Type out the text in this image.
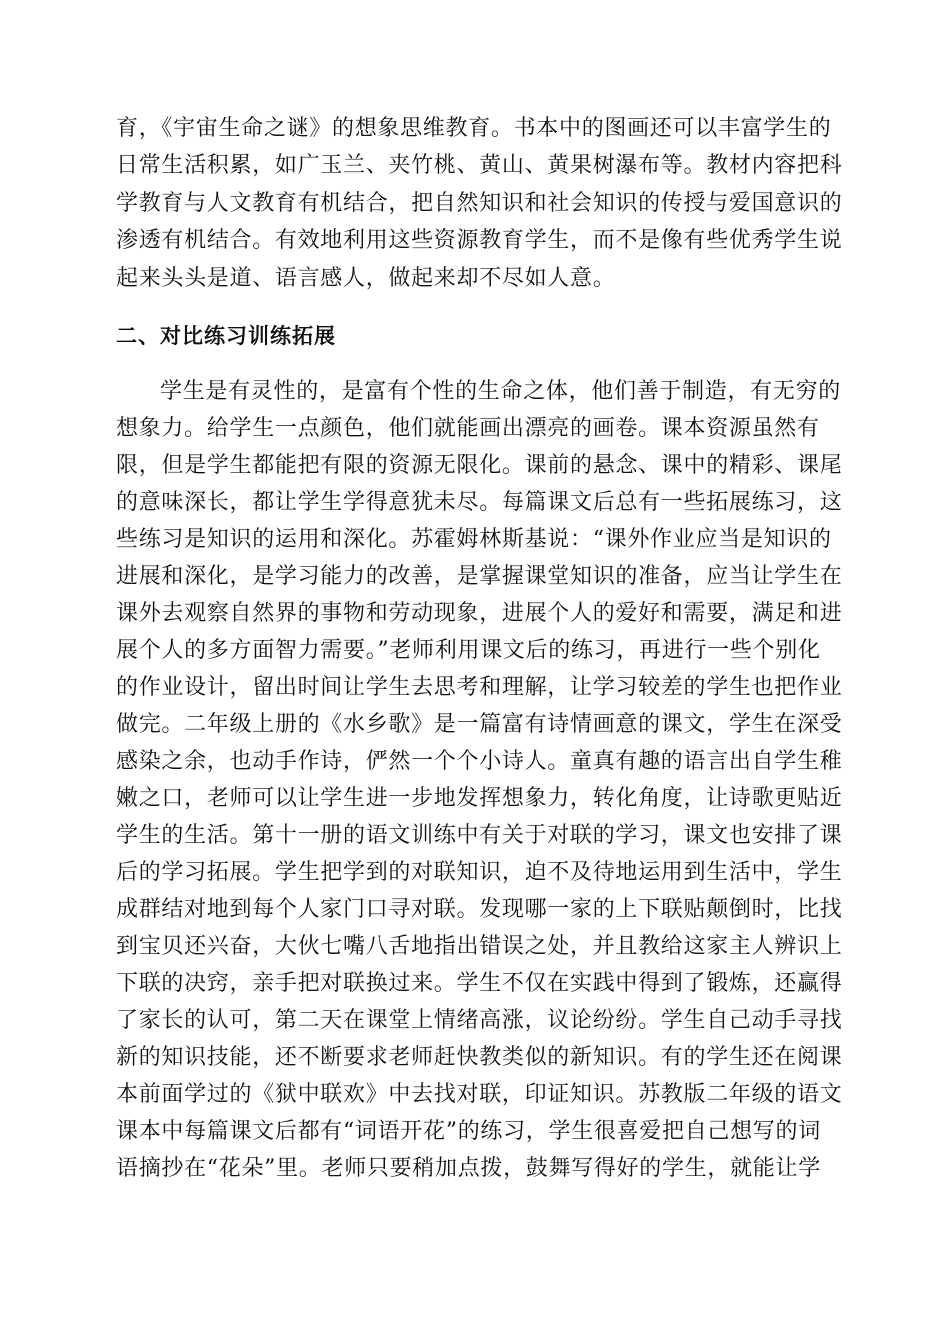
育，《宇宙生命之谜》的想象思维教育。书本中的图画还可以丰富学生的
日常生活积累，如广玉兰、夹竹桃、黄山、黄果树瀑布等。教材内容把科
学教育与人文教育有机结合，把自然知识和社会知识的传授与爱国意识的
渗透有机结合。有效地利用这些资源教育学生，而不是像有些优秀学生说
起来头头是道、语言感人，做起来却不尽如人意。
二、对比练习训练拓展
学生是有灵性的，是富有个性的生命之体，他们善于制造，有无穷的
想象力。给学生一点颜色，他们就能画出漂亮的画卷。课本资源虽然有
限，但是学生都能把有限的资源无限化。课前的悬念、课中的精彩、课尾
的意味深长，都让学生学得意犹未尽。每篇课文后总有一些拓展练习，这
些练习是知识的运用和深化。苏霍姆林斯基说：“课外作业应当是知识的
进展和深化，是学习能力的改善，是掌握课堂知识的准备，应当让学生在
课外去观察自然界的事物和劳动现象，进展个人的爱好和需要，满足和进
展个人的多方面智力需要。”老师利用课文后的练习，再进行一些个别化
的作业设计，留出时间让学生去思考和理解，让学习较差的学生也把作业
做完。二年级上册的《水乡歌》是一篇富有诗情画意的课文，学生在深受
感染之余，也动手作诗，俨然一个个小诗人。童真有趣的语言出自学生稚
嫩之口，老师可以让学生进一步地发挥想象力，转化角度，让诗歌更贴近
学生的生活。第十一册的语文训练中有关于对联的学习，课文也安排了课
后的学习拓展。学生把学到的对联知识，迫不及待地运用到生活中，学生
成群结对地到每个人家门口寻对联。发现哪一家的上下联贴颠倒时，比找
到宝贝还兴奋，大伙七嘴八舌地指出错误之处，并且教给这家主人辨识上
下联的决窍，亲手把对联换过来。学生不仅在实践中得到了锻炼，还赢得
了家长的认可，第二天在课堂上情绪高涨，议论纷纷。学生自己动手寻找
新的知识技能，还不断要求老师赶快教类似的新知识。有的学生还在阅课
本前面学过的《狱中联欢》中去找对联，印证知识。苏教版二年级的语文
课本中每篇课文后都有“词语开花”的练习，学生很喜爱把自己想写的词
语摘抄在“花朵”里。老师只要稍加点拨，鼓舞写得好的学生，就能让学
